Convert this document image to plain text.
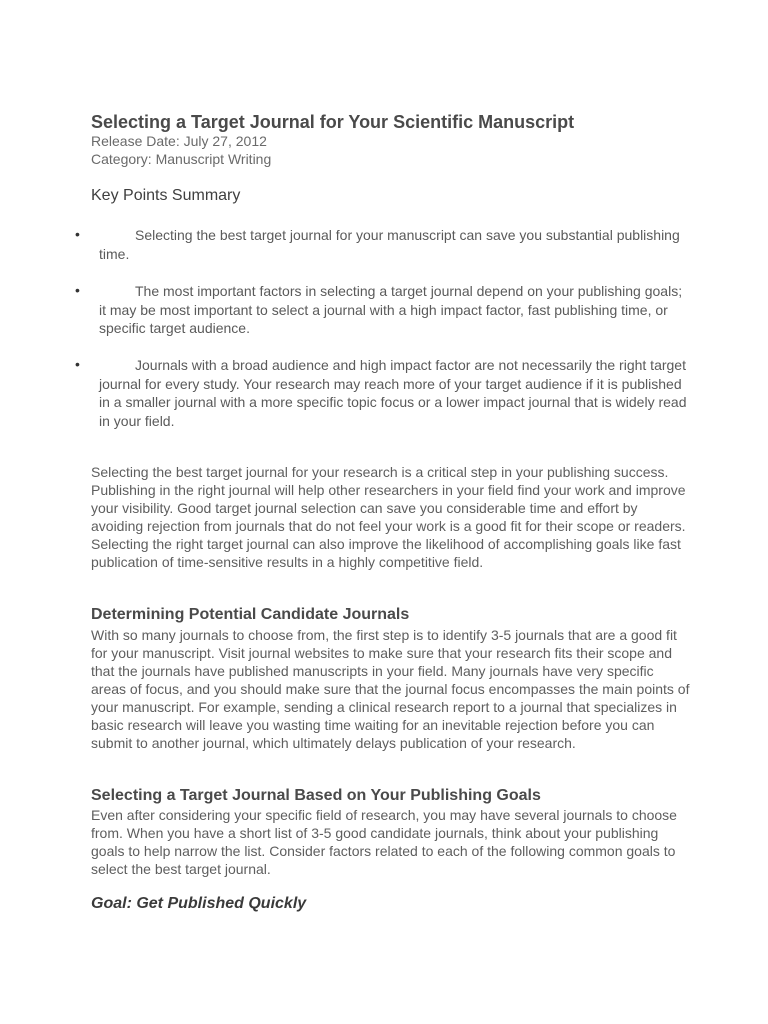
Selecting a Target Journal for Your Scientific Manuscript
Release Date: July 27, 2012
Category: Manuscript Writing
Key Points Summary
•	Selecting the best target journal for your manuscript can save you substantial publishing time.
•	The most important factors in selecting a target journal depend on your publishing goals; it may be most important to select a journal with a high impact factor, fast publishing time, or specific target audience.
•	Journals with a broad audience and high impact factor are not necessarily the right target journal for every study. Your research may reach more of your target audience if it is published in a smaller journal with a more specific topic focus or a lower impact journal that is widely read in your field.
Selecting the best target journal for your research is a critical step in your publishing success. Publishing in the right journal will help other researchers in your field find your work and improve your visibility. Good target journal selection can save you considerable time and effort by avoiding rejection from journals that do not feel your work is a good fit for their scope or readers. Selecting the right target journal can also improve the likelihood of accomplishing goals like fast publication of time-sensitive results in a highly competitive field.
Determining Potential Candidate Journals
With so many journals to choose from, the first step is to identify 3-5 journals that are a good fit for your manuscript. Visit journal websites to make sure that your research fits their scope and that the journals have published manuscripts in your field. Many journals have very specific areas of focus, and you should make sure that the journal focus encompasses the main points of your manuscript. For example, sending a clinical research report to a journal that specializes in basic research will leave you wasting time waiting for an inevitable rejection before you can submit to another journal, which ultimately delays publication of your research.
Selecting a Target Journal Based on Your Publishing Goals
Even after considering your specific field of research, you may have several journals to choose from. When you have a short list of 3-5 good candidate journals, think about your publishing goals to help narrow the list. Consider factors related to each of the following common goals to select the best target journal.
Goal: Get Published Quickly
